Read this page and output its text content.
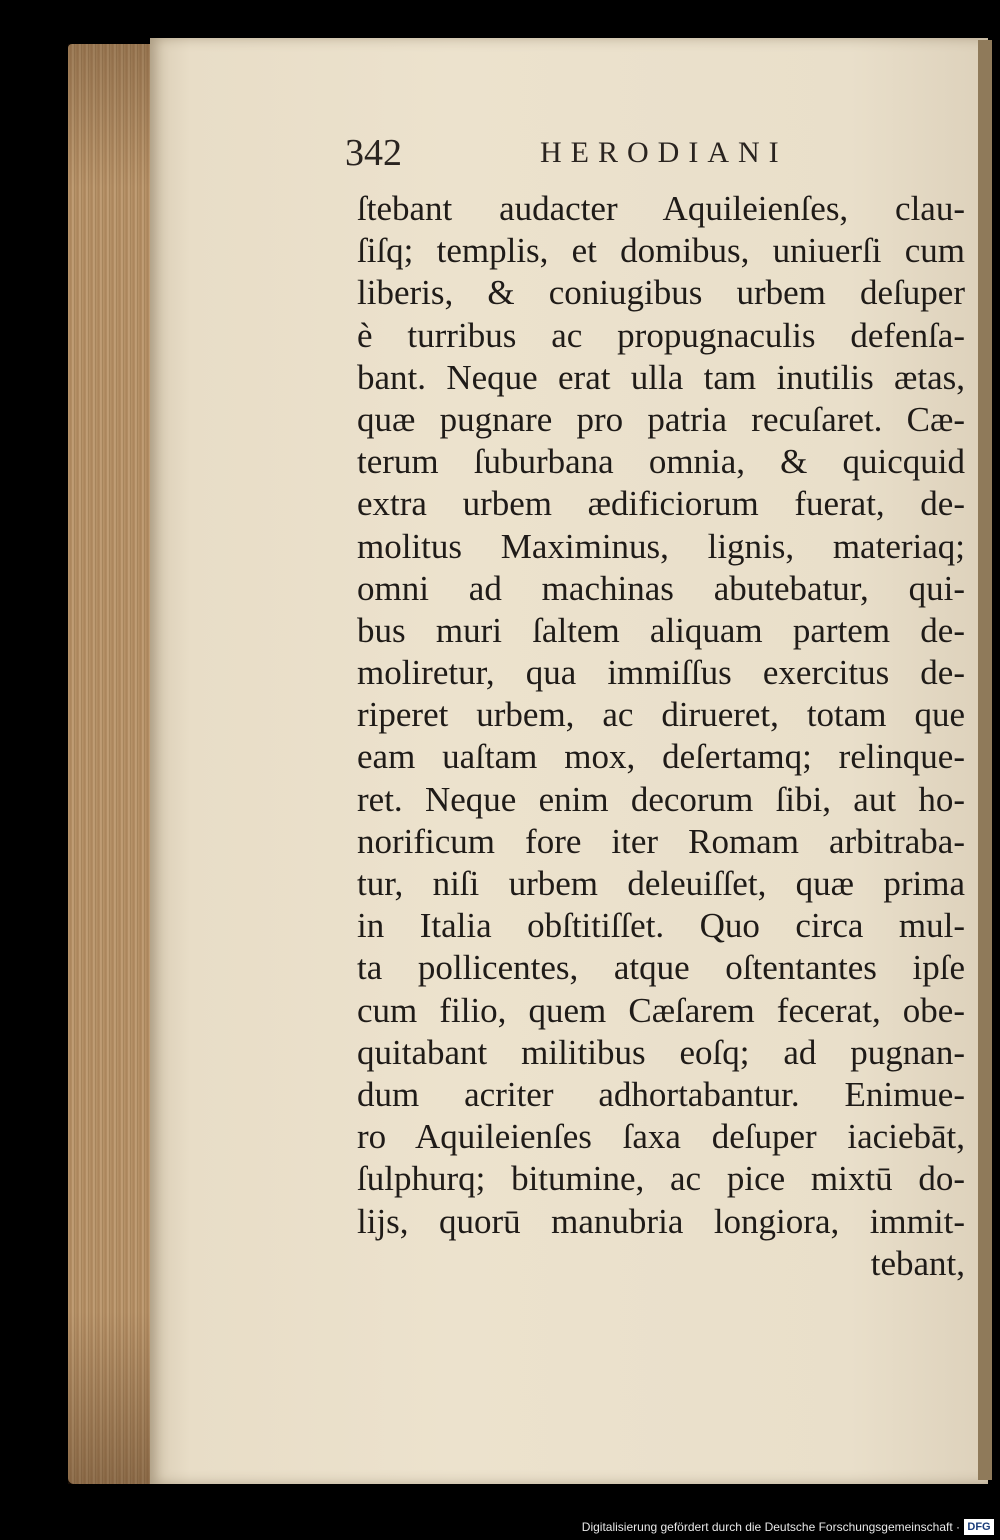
342	HERODIANI
ſtebant audacter Aquileienſes, clau-
ſiſq; templis, et domibus, uniuerſi cum
liberis, & coniugibus urbem deſuper
è turribus ac propugnaculis defenſa-
bant. Neque erat ulla tam inutilis ætas,
quæ pugnare pro patria recuſaret. Cæ-
terum ſuburbana omnia, & quicquid
extra urbem ædificiorum fuerat, de-
molitus Maximinus, lignis, materiaq;
omni ad machinas abutebatur, qui-
bus muri ſaltem aliquam partem de-
moliretur, qua immiſſus exercitus de-
riperet urbem, ac dirueret, totam que
eam uaſtam mox, deſertamq; relinque-
ret. Neque enim decorum ſibi, aut ho-
norificum fore iter Romam arbitraba-
tur, niſi urbem deleuiſſet, quæ prima
in Italia obſtitiſſet. Quo circa mul-
ta pollicentes, atque oſtentantes ipſe
cum filio, quem Cæſarem fecerat, obe-
quitabant militibus eoſq; ad pugnan-
dum acriter adhortabantur. Enimue-
ro Aquileienſes ſaxa deſuper iaciebāt,
ſulphurq; bitumine, ac pice mixtū do-
lijs, quorū manubria longiora, immit-
tebant,
Digitalisierung gefördert durch die Deutsche Forschungsgemeinschaft · DFG
